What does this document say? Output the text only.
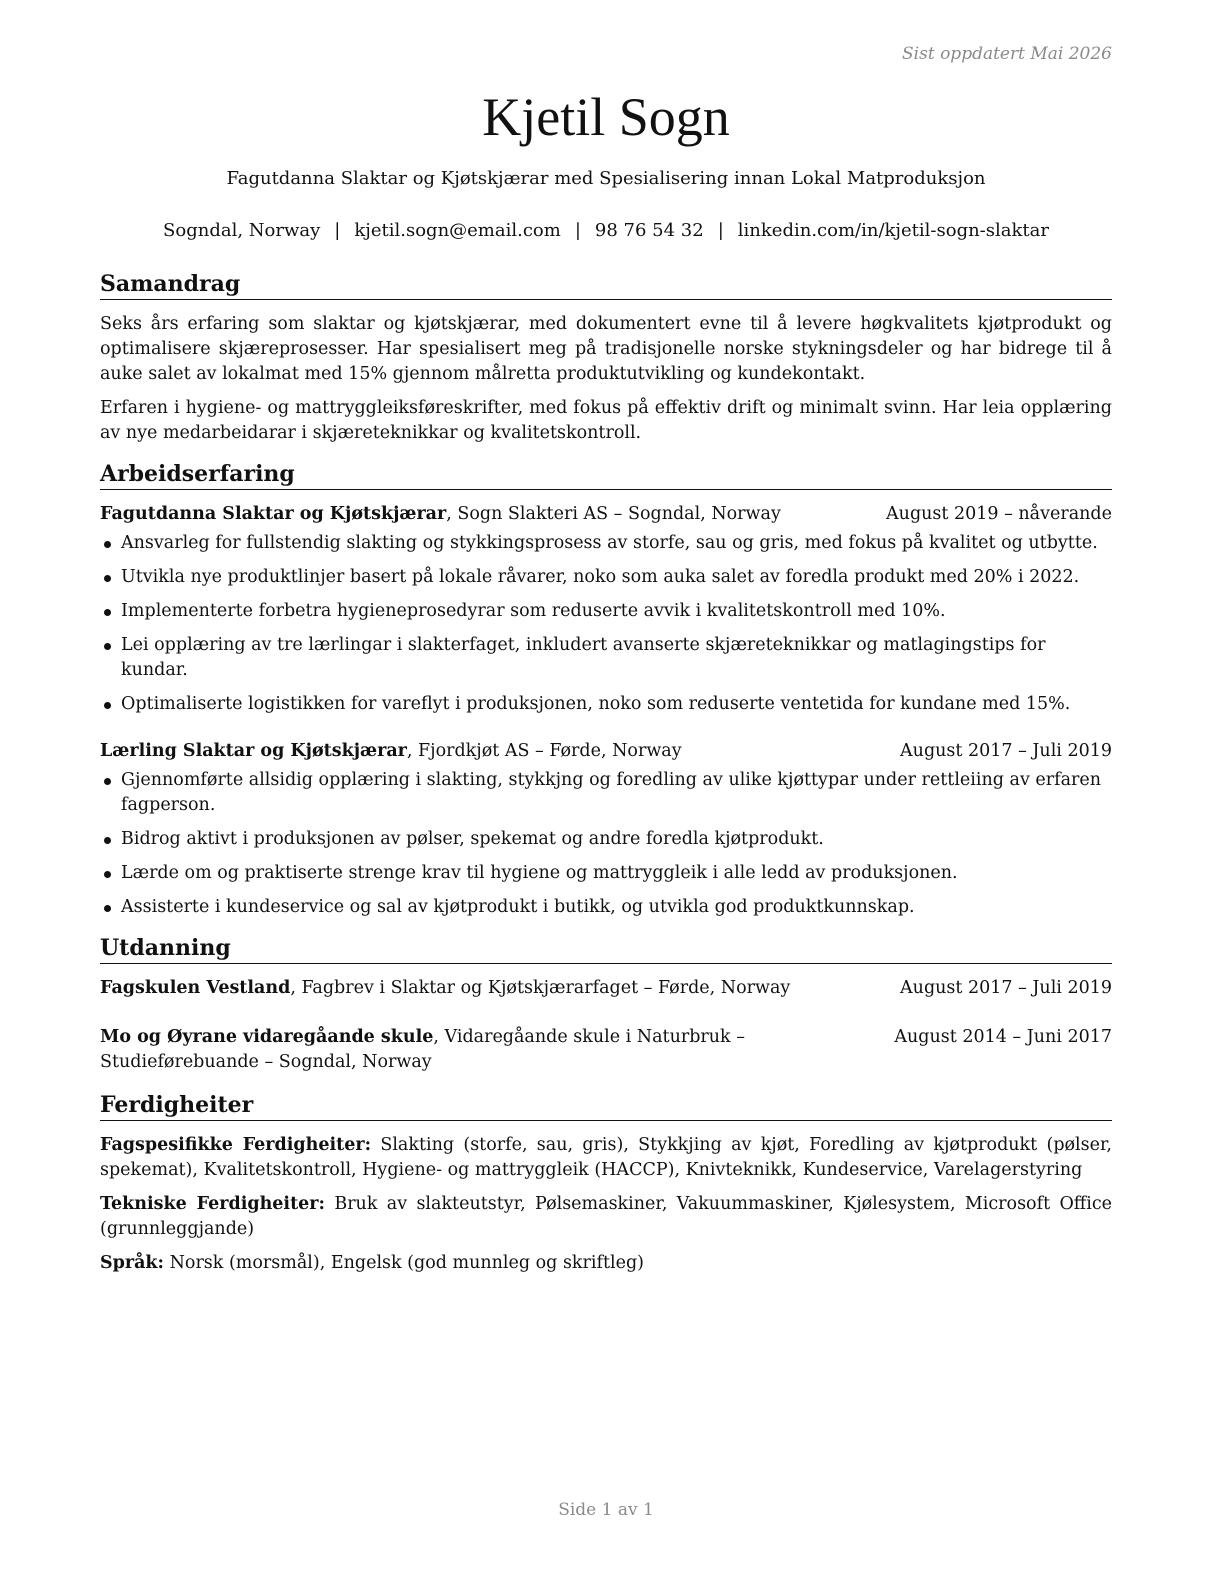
Sist oppdatert Mai 2026
Kjetil Sogn
Fagutdanna Slaktar og Kjøtskjærar med Spesialisering innan Lokal Matproduksjon
Sogndal, Norway | kjetil.sogn@email.com | 98 76 54 32 | linkedin.com/in/kjetil-sogn-slaktar
Samandrag

Seks års erfaring som slaktar og kjøtskjærar, med dokumentert evne til å levere høgkvalitets kjøtprodukt og optimalisere skjæreprosesser. Har spesialisert meg på tradisjonelle norske stykningsdeler og har bidrege til å auke salet av lokalmat med 15% gjennom målretta produktutvikling og kundekontakt.

Erfaren i hygiene- og mattryggleiksføreskrifter, med fokus på effektiv drift og minimalt svinn. Har leia opplæring av nye medarbeidarar i skjæreteknikkar og kvalitetskontroll.

Arbeidserfaring
Fagutdanna Slaktar og Kjøtskjærar, Sogn Slakteri AS – Sogndal, Norway	August 2019 – nåverande
Ansvarleg for fullstendig slakting og stykkingsprosess av storfe, sau og gris, med fokus på kvalitet og utbytte.
Utvikla nye produktlinjer basert på lokale råvarer, noko som auka salet av foredla produkt med 20% i 2022.
Implementerte forbetra hygieneprosedyrar som reduserte avvik i kvalitetskontroll med 10%.
Lei opplæring av tre lærlingar i slakterfaget, inkludert avanserte skjæreteknikkar og matlagingstips for kundar.
Optimaliserte logistikken for vareflyt i produksjonen, noko som reduserte ventetida for kundane med 15%.
Lærling Slaktar og Kjøtskjærar, Fjordkjøt AS – Førde, Norway	August 2017 – Juli 2019
Gjennomførte allsidig opplæring i slakting, stykkjng og foredling av ulike kjøttypar under rettleiing av erfaren fagperson.
Bidrog aktivt i produksjonen av pølser, spekemat og andre foredla kjøtprodukt.
Lærde om og praktiserte strenge krav til hygiene og mattryggleik i alle ledd av produksjonen.
Assisterte i kundeservice og sal av kjøtprodukt i butikk, og utvikla god produktkunnskap.
Utdanning
Fagskulen Vestland, Fagbrev i Slaktar og Kjøtskjærarfaget – Førde, Norway	August 2017 – Juli 2019
Mo og Øyrane vidaregåande skule, Vidaregåande skule i Naturbruk – Studieførebuande – Sogndal, Norway
August 2014 – Juni 2017
Ferdigheiter

Fagspesifikke Ferdigheiter: Slakting (storfe, sau, gris), Stykkjing av kjøt, Foredling av kjøtprodukt (pølser, spekemat), Kvalitetskontroll, Hygiene- og mattryggleik (HACCP), Knivteknikk, Kundeservice, Varelagerstyring

Tekniske Ferdigheiter: Bruk av slakteutstyr, Pølsemaskiner, Vakuummaskiner, Kjølesystem, Microsoft Office (grunnleggjande)

Språk: Norsk (morsmål), Engelsk (god munnleg og skriftleg)

Side 1 av 1
